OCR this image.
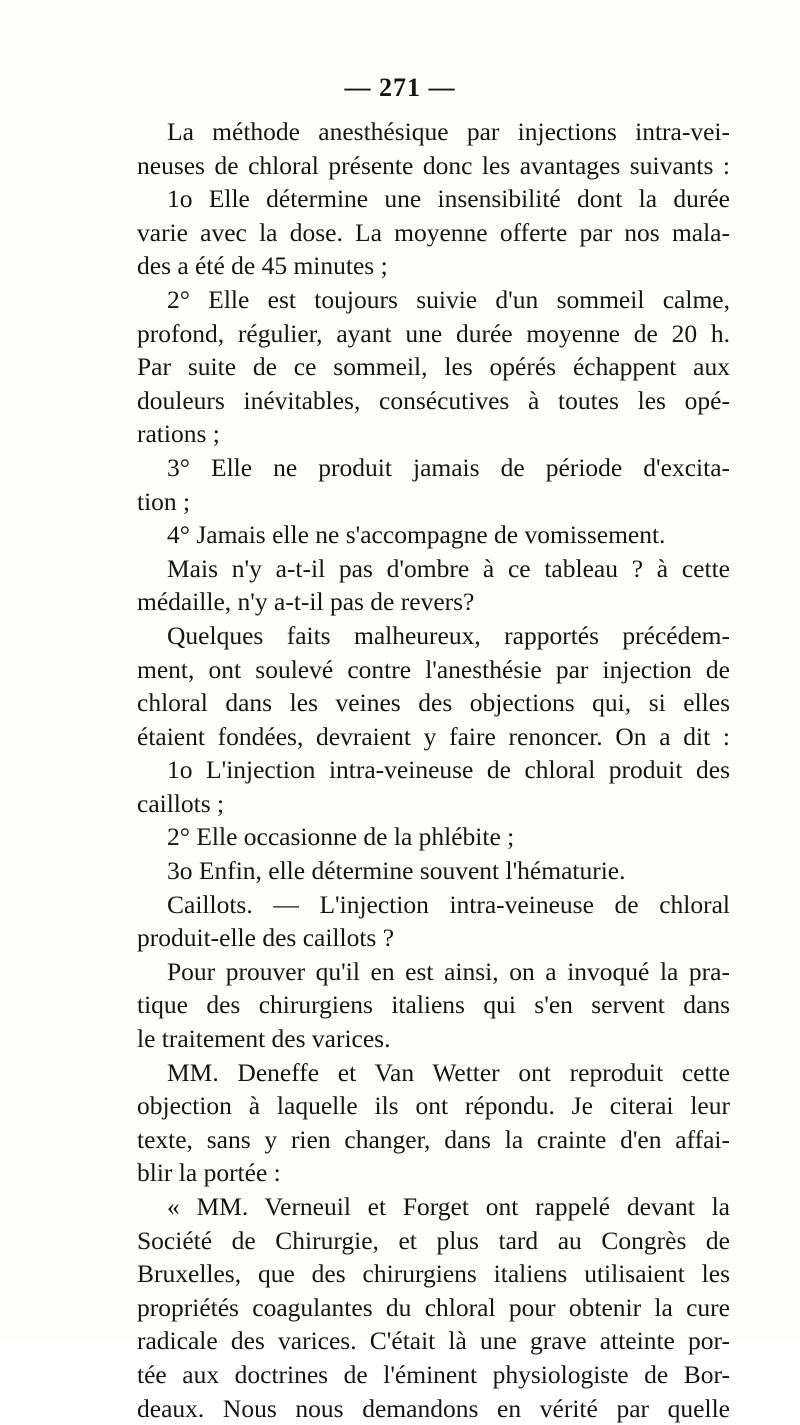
— 271 —
La méthode anesthésique par injections intra-vei-
neuses de chloral présente donc les avantages suivants :
1o Elle détermine une insensibilité dont la durée
varie avec la dose. La moyenne offerte par nos mala-
des a été de 45 minutes ;
2° Elle est toujours suivie d'un sommeil calme,
profond, régulier, ayant une durée moyenne de 20 h.
Par suite de ce sommeil, les opérés échappent aux
douleurs inévitables, consécutives à toutes les opé-
rations ;
3° Elle ne produit jamais de période d'excita-
tion ;
4° Jamais elle ne s'accompagne de vomissement.
Mais n'y a-t-il pas d'ombre à ce tableau ? à cette
médaille, n'y a-t-il pas de revers?
Quelques faits malheureux, rapportés précédem-
ment, ont soulevé contre l'anesthésie par injection de
chloral dans les veines des objections qui, si elles
étaient fondées, devraient y faire renoncer. On a dit :
1o L'injection intra-veineuse de chloral produit des
caillots ;
2° Elle occasionne de la phlébite ;
3o Enfin, elle détermine souvent l'hématurie.
Caillots. — L'injection intra-veineuse de chloral
produit-elle des caillots ?
Pour prouver qu'il en est ainsi, on a invoqué la pra-
tique des chirurgiens italiens qui s'en servent dans
le traitement des varices.
MM. Deneffe et Van Wetter ont reproduit cette
objection à laquelle ils ont répondu. Je citerai leur
texte, sans y rien changer, dans la crainte d'en affai-
blir la portée :
« MM. Verneuil et Forget ont rappelé devant la
Société de Chirurgie, et plus tard au Congrès de
Bruxelles, que des chirurgiens italiens utilisaient les
propriétés coagulantes du chloral pour obtenir la cure
radicale des varices. C'était là une grave atteinte por-
tée aux doctrines de l'éminent physiologiste de Bor-
deaux. Nous nous demandons en vérité par quelle
